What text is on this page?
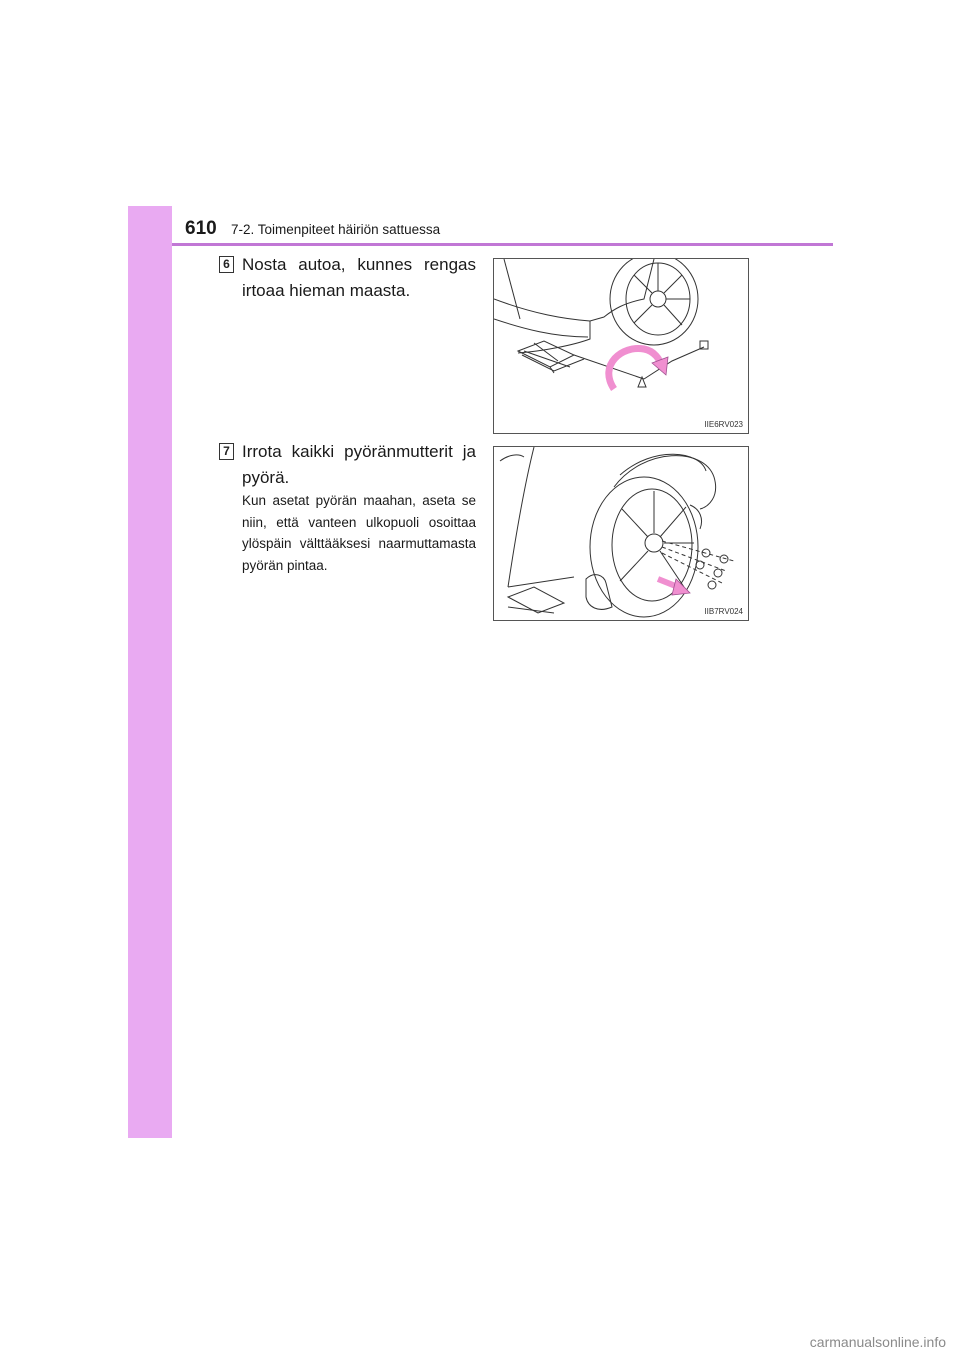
610 7-2. Toimenpiteet häiriön sattuessa
6 Nosta autoa, kunnes rengas irtoaa hieman maasta.
IIE6RV023
7 Irrota kaikki pyöränmutterit ja pyörä.
Kun asetat pyörän maahan, aseta se niin, että vanteen ulkopuoli osoittaa ylöspäin välttääksesi naarmuttamasta pyörän pintaa.
IIB7RV024
carmanualsonline.info
